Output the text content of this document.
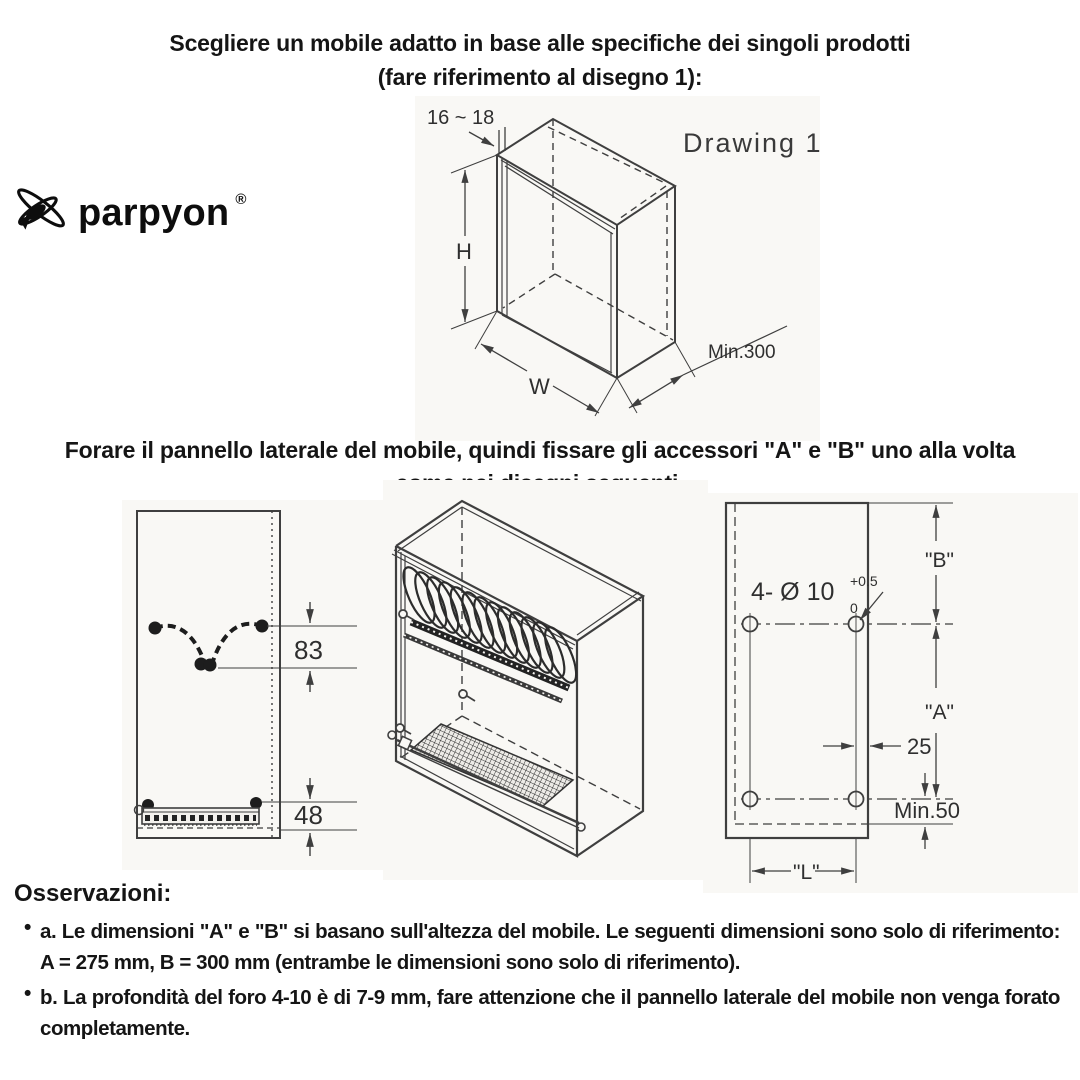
Scegliere un mobile adatto in base alle specifiche dei singoli prodotti
(fare riferimento al disegno 1):
parpyon ®
16 ~ 18
H
W
Min.300
Drawing 1
Forare il pannello laterale del mobile, quindi fissare gli accessori "A" e "B" uno alla volta
83
48
4- Ø 10 +0.5
0
"B"
"A"
25
Min.50
"L"
Osservazioni:
• a. Le dimensioni "A" e "B" si basano sull'altezza del mobile. Le seguenti dimensioni sono solo di riferimento: A = 275 mm, B = 300 mm (entrambe le dimensioni sono solo di riferimento).
• b. La profondità del foro 4-10 è di 7-9 mm, fare attenzione che il pannello laterale del mobile non venga forato completamente.
